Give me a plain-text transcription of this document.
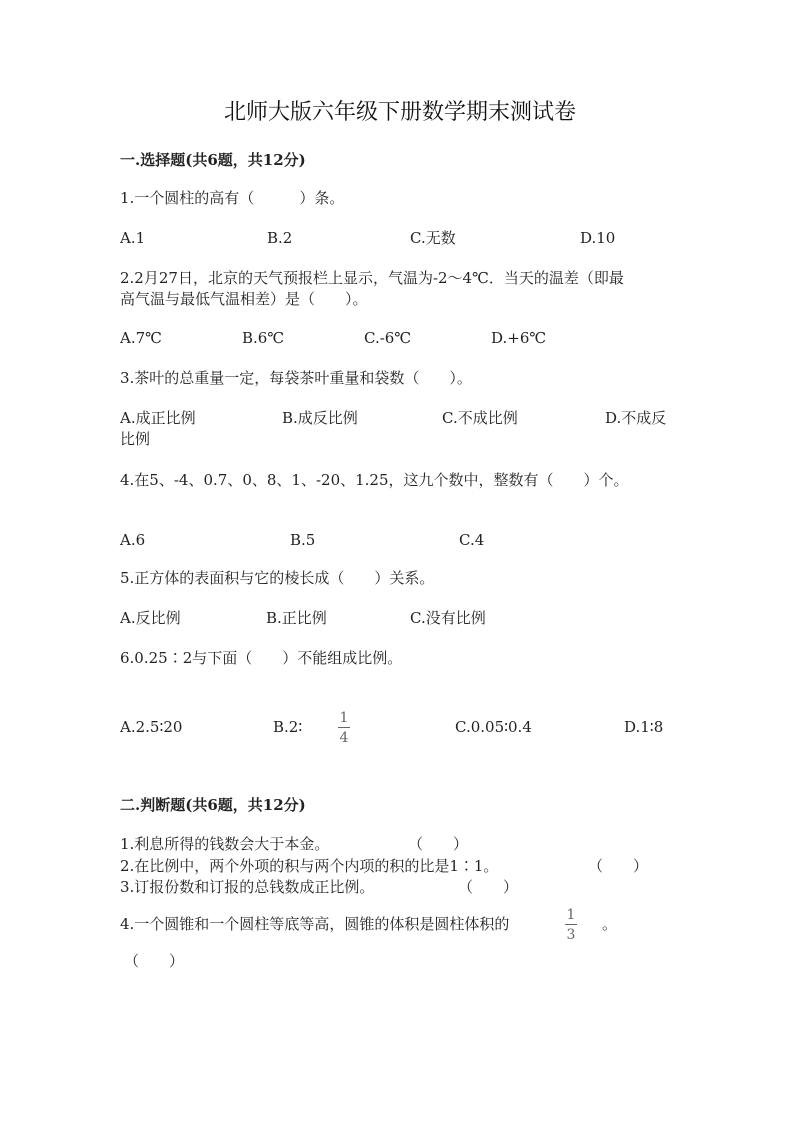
北师大版六年级下册数学期末测试卷
一.选择题(共6题，共12分)
1.一个圆柱的高有（　　　）条。
A.1	B.2	C.无数	D.10
2.2月27日，北京的天气预报栏上显示，气温为-2～4℃．当天的温差（即最
高气温与最低气温相差）是（　　）。
A.7℃	B.6℃	C.-6℃	D.+6℃
3.茶叶的总重量一定，每袋茶叶重量和袋数（　　）。
A.成正比例	B.成反比例	C.不成比例	D.不成反
比例
4.在5、-4、0.7、0、8、1、-20、1.25，这九个数中，整数有（　　）个。
A.6	B.5	C.4
5.正方体的表面积与它的棱长成（　　）关系。
A.反比例	B.正比例	C.没有比例
6.0.25∶2与下面（　　）不能组成比例。
A.2.5∶20	B.2∶	1
4
C.0.05∶0.4	D.1∶8
二.判断题(共6题，共12分)
1.利息所得的钱数会大于本金。	（　　）
2.在比例中，两个外项的积与两个内项的积的比是1∶1。	（　　）
3.订报份数和订报的总钱数成正比例。	（　　）
4.一个圆锥和一个圆柱等底等高，圆锥的体积是圆柱体积的	1
3
。
（　　）
